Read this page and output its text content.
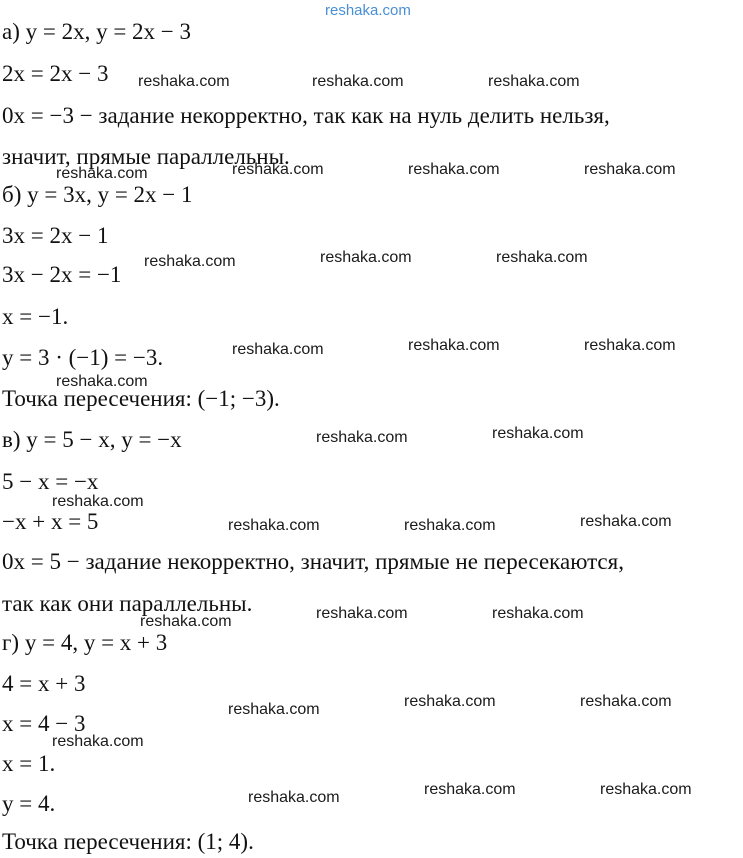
а) y = 2x, y = 2x − 3
2x = 2x − 3
0x = −3 − задание некорректно, так как на нуль делить нельзя,
значит, прямые параллельны.
б) y = 3x, y = 2x − 1
3x = 2x − 1
3x − 2x = −1
x = −1.
y = 3 · (−1) = −3.
Точка пересечения: (−1; −3).
в) y = 5 − x, y = −x
5 − x = −x
−x + x = 5
0x = 5 − задание некорректно, значит, прямые не пересекаются,
так как они параллельны.
г) y = 4, y = x + 3
4 = x + 3
x = 4 − 3
x = 1.
y = 4.
Точка пересечения: (1; 4).
reshaka.com
reshaka.com	reshaka.com	reshaka.com
reshaka.com	reshaka.com	reshaka.com	reshaka.com
reshaka.com	reshaka.com	reshaka.com
reshaka.com	reshaka.com	reshaka.com
reshaka.com
reshaka.com	reshaka.com
reshaka.com
reshaka.com	reshaka.com	reshaka.com
reshaka.com	reshaka.com	reshaka.com
reshaka.com	reshaka.com	reshaka.com
reshaka.com
reshaka.com	reshaka.com	reshaka.com
